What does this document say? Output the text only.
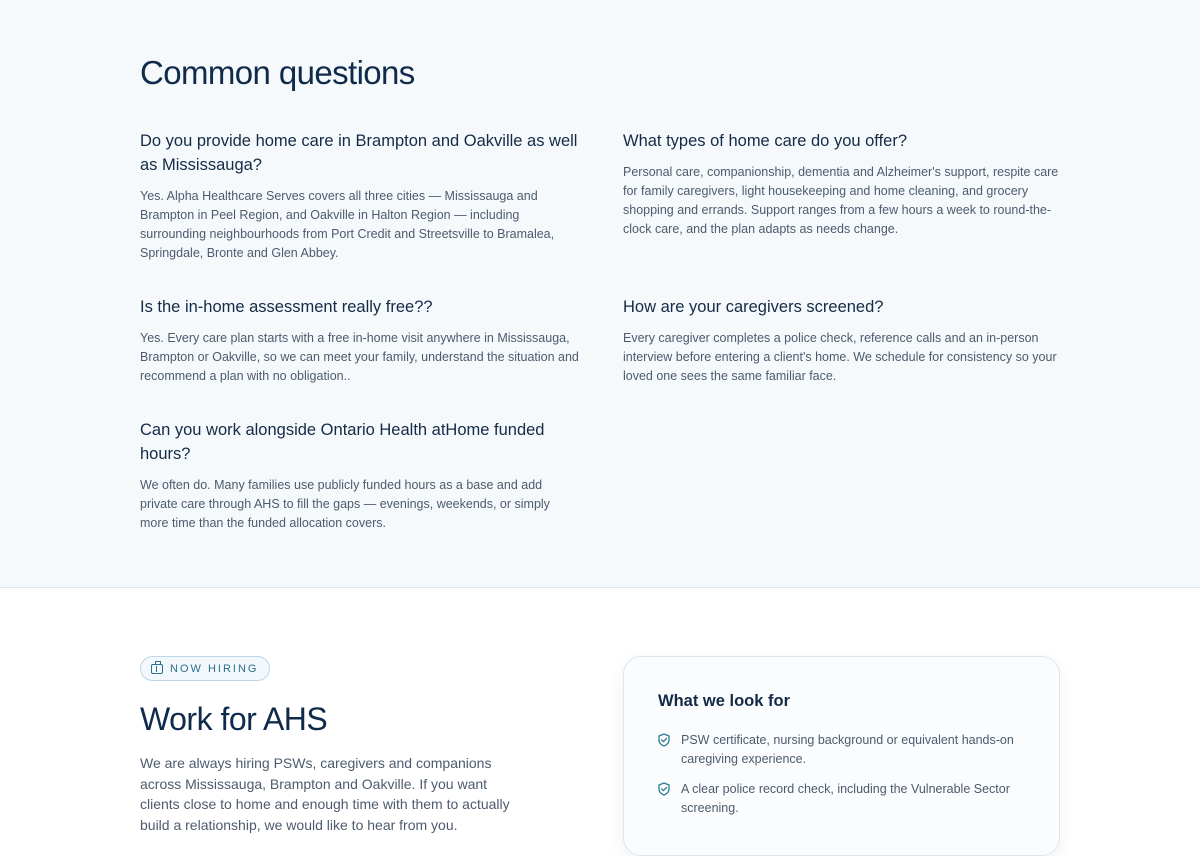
Common questions
Do you provide home care in Brampton and Oakville as well as Mississauga?

Yes. Alpha Healthcare Serves covers all three cities — Mississauga and Brampton in Peel Region, and Oakville in Halton Region — including surrounding neighbourhoods from Port Credit and Streetsville to Bramalea, Springdale, Bronte and Glen Abbey.

What types of home care do you offer?

Personal care, companionship, dementia and Alzheimer's support, respite care for family caregivers, light housekeeping and home cleaning, and grocery shopping and errands. Support ranges from a few hours a week to round-the-clock care, and the plan adapts as needs change.

Is the in-home assessment really free??

Yes. Every care plan starts with a free in-home visit anywhere in Mississauga, Brampton or Oakville, so we can meet your family, understand the situation and recommend a plan with no obligation..

How are your caregivers screened?

Every caregiver completes a police check, reference calls and an in-person interview before entering a client's home. We schedule for consistency so your loved one sees the same familiar face.

Can you work alongside Ontario Health atHome funded hours?

We often do. Many families use publicly funded hours as a base and add private care through AHS to fill the gaps — evenings, weekends, or simply more time than the funded allocation covers.

NOW HIRING
Work for AHS

We are always hiring PSWs, caregivers and companions across Mississauga, Brampton and Oakville. If you want clients close to home and enough time with them to actually build a relationship, we would like to hear from you.

What we look for
PSW certificate, nursing background or equivalent hands-on caregiving experience.
A clear police record check, including the Vulnerable Sector screening.
